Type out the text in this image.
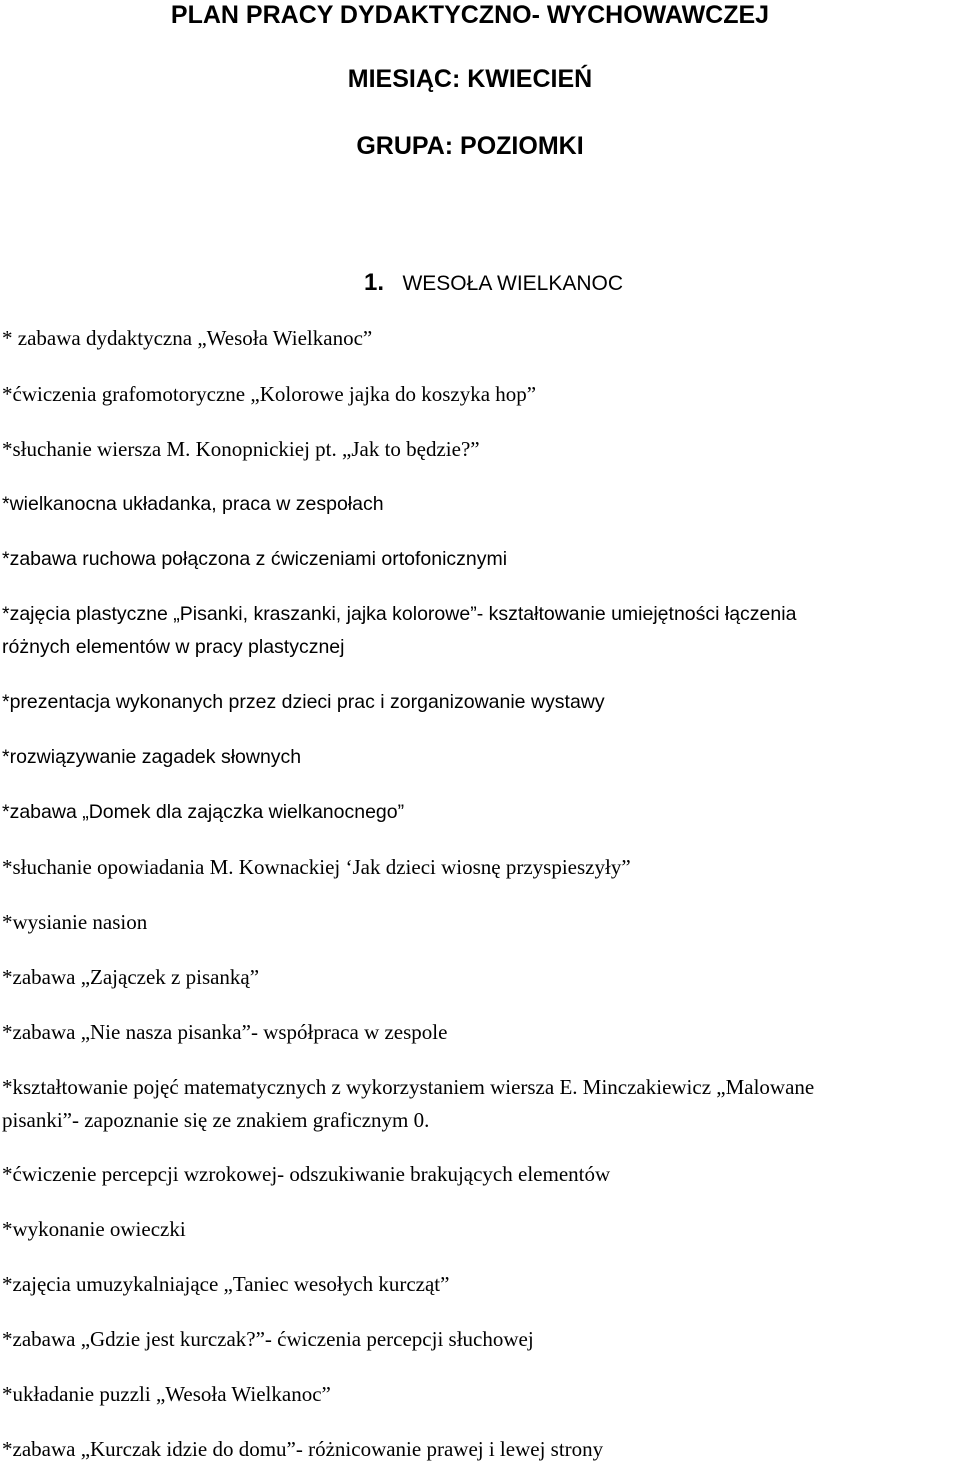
PLAN PRACY DYDAKTYCZNO- WYCHOWAWCZEJ
MIESIĄC: KWIECIEŃ
GRUPA: POZIOMKI
1. WESOŁA WIELKANOC
* zabawa dydaktyczna „Wesoła Wielkanoc”
*ćwiczenia grafomotoryczne „Kolorowe jajka do koszyka hop”
*słuchanie wiersza M. Konopnickiej pt. „Jak to będzie?”
*wielkanocna układanka, praca w zespołach
*zabawa ruchowa połączona z ćwiczeniami ortofonicznymi
*zajęcia plastyczne „Pisanki, kraszanki, jajka kolorowe”- kształtowanie umiejętności łączenia
różnych elementów w pracy plastycznej
*prezentacja wykonanych przez dzieci prac i zorganizowanie wystawy
*rozwiązywanie zagadek słownych
*zabawa „Domek dla zajączka wielkanocnego”
*słuchanie opowiadania M. Kownackiej ‘Jak dzieci wiosnę przyspieszyły”
*wysianie nasion
*zabawa „Zajączek z pisanką”
*zabawa „Nie nasza pisanka”- współpraca w zespole
*kształtowanie pojęć matematycznych z wykorzystaniem wiersza E. Minczakiewicz „Malowane
pisanki”- zapoznanie się ze znakiem graficznym 0.
*ćwiczenie percepcji wzrokowej- odszukiwanie brakujących elementów
*wykonanie owieczki
*zajęcia umuzykalniające „Taniec wesołych kurcząt”
*zabawa „Gdzie jest kurczak?”- ćwiczenia percepcji słuchowej
*układanie puzzli „Wesoła Wielkanoc”
*zabawa „Kurczak idzie do domu”- różnicowanie prawej i lewej strony
